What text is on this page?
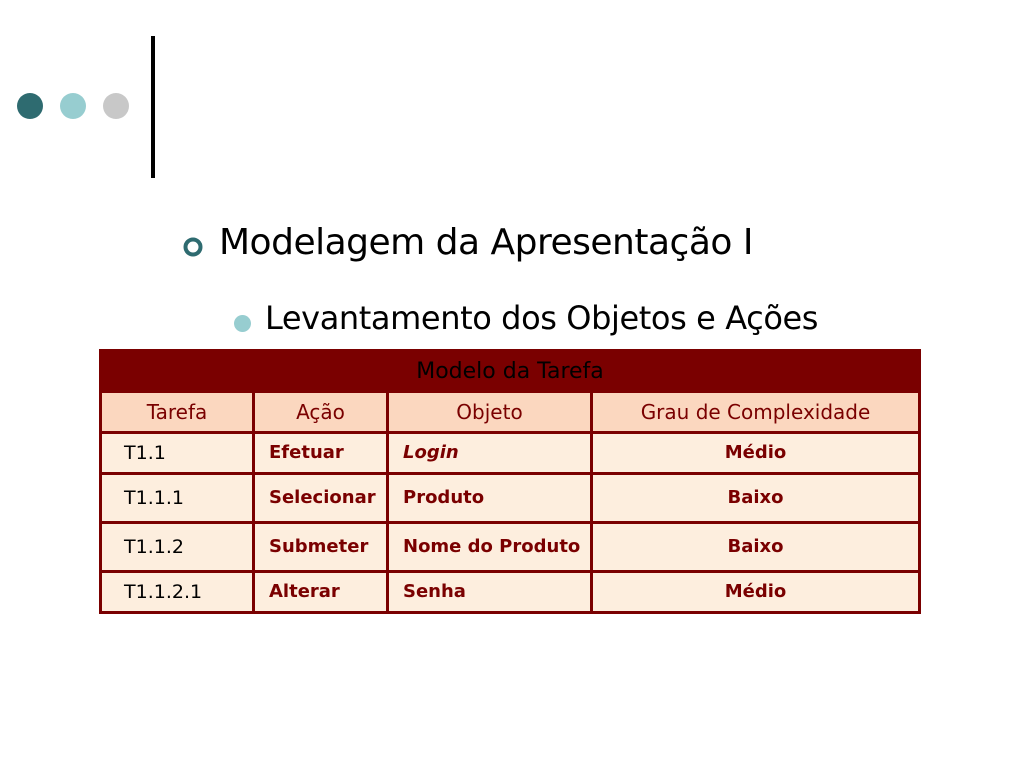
Modelagem da Apresentação I
Levantamento dos Objetos e Ações
Modelo da Tarefa			
Tarefa	Ação	Objeto	Grau de Complexidade
T1.1	Efetuar	Login	Médio
T1.1.1	Selecionar	Produto	Baixo
T1.1.2	Submeter	Nome do Produto	Baixo
T1.1.2.1	Alterar	Senha	Médio
